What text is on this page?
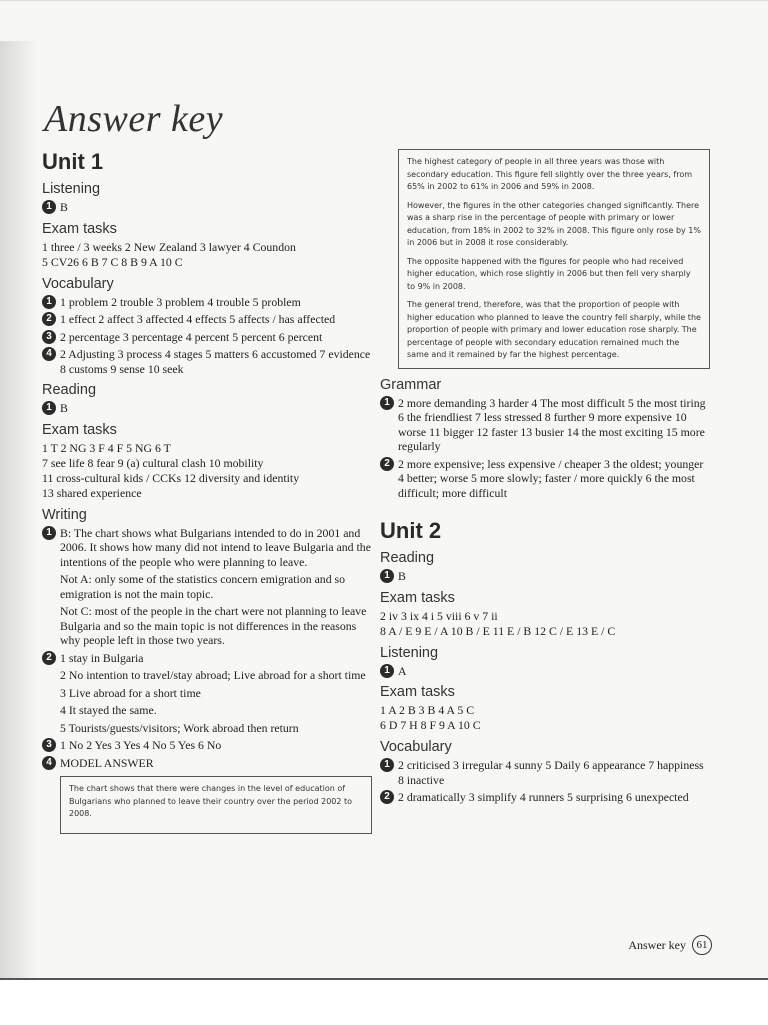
Answer key
Unit 1
Listening
1 B
Exam tasks

1 three / 3 weeks 2 New Zealand 3 lawyer 4 Coundon

5 CV26 6 B 7 C 8 B 9 A 10 C

Vocabulary
1 1 problem 2 trouble 3 problem 4 trouble 5 problem
2 1 effect 2 affect 3 affected 4 effects 5 affects / has affected
3 2 percentage 3 percentage 4 percent 5 percent 6 percent
4 2 Adjusting 3 process 4 stages 5 matters 6 accustomed 7 evidence 8 customs 9 sense 10 seek
Reading
1 B
Exam tasks

1 T 2 NG 3 F 4 F 5 NG 6 T

7 see life 8 fear 9 (a) cultural clash 10 mobility

11 cross-cultural kids / CCKs 12 diversity and identity

13 shared experience

Writing
1 B: The chart shows what Bulgarians intended to do in 2001 and 2006. It shows how many did not intend to leave Bulgaria and the intentions of the people who were planning to leave.
Not A: only some of the statistics concern emigration and so emigration is not the main topic.
Not C: most of the people in the chart were not planning to leave Bulgaria and so the main topic is not differences in the reasons why people left in those two years.
2 1 stay in Bulgaria
2 No intention to travel/stay abroad; Live abroad for a short time
3 Live abroad for a short time
4 It stayed the same.
5 Tourists/guests/visitors; Work abroad then return
3 1 No 2 Yes 3 Yes 4 No 5 Yes 6 No
4 MODEL ANSWER

The chart shows that there were changes in the level of education of Bulgarians who planned to leave their country over the period 2002 to 2008.

The highest category of people in all three years was those with secondary education. This figure fell slightly over the three years, from 65% in 2002 to 61% in 2006 and 59% in 2008.

However, the figures in the other categories changed significantly. There was a sharp rise in the percentage of people with primary or lower education, from 18% in 2002 to 32% in 2008. This figure only rose by 1% in 2006 but in 2008 it rose considerably.

The opposite happened with the figures for people who had received higher education, which rose slightly in 2006 but then fell very sharply to 9% in 2008.

The general trend, therefore, was that the proportion of people with higher education who planned to leave the country fell sharply, while the proportion of people with primary and lower education rose sharply. The percentage of people with secondary education remained much the same and it remained by far the highest percentage.

Grammar
1 2 more demanding 3 harder 4 The most difficult 5 the most tiring 6 the friendliest 7 less stressed 8 further 9 more expensive 10 worse 11 bigger 12 faster 13 busier 14 the most exciting 15 more regularly
2 2 more expensive; less expensive / cheaper 3 the oldest; younger 4 better; worse 5 more slowly; faster / more quickly 6 the most difficult; more difficult
Unit 2
Reading
1 B
Exam tasks

2 iv 3 ix 4 i 5 viii 6 v 7 ii

8 A / E 9 E / A 10 B / E 11 E / B 12 C / E 13 E / C

Listening
1 A
Exam tasks

1 A 2 B 3 B 4 A 5 C

6 D 7 H 8 F 9 A 10 C

Vocabulary
1 2 criticised 3 irregular 4 sunny 5 Daily 6 appearance 7 happiness 8 inactive
2 2 dramatically 3 simplify 4 runners 5 surprising 6 unexpected
Answer key 61
